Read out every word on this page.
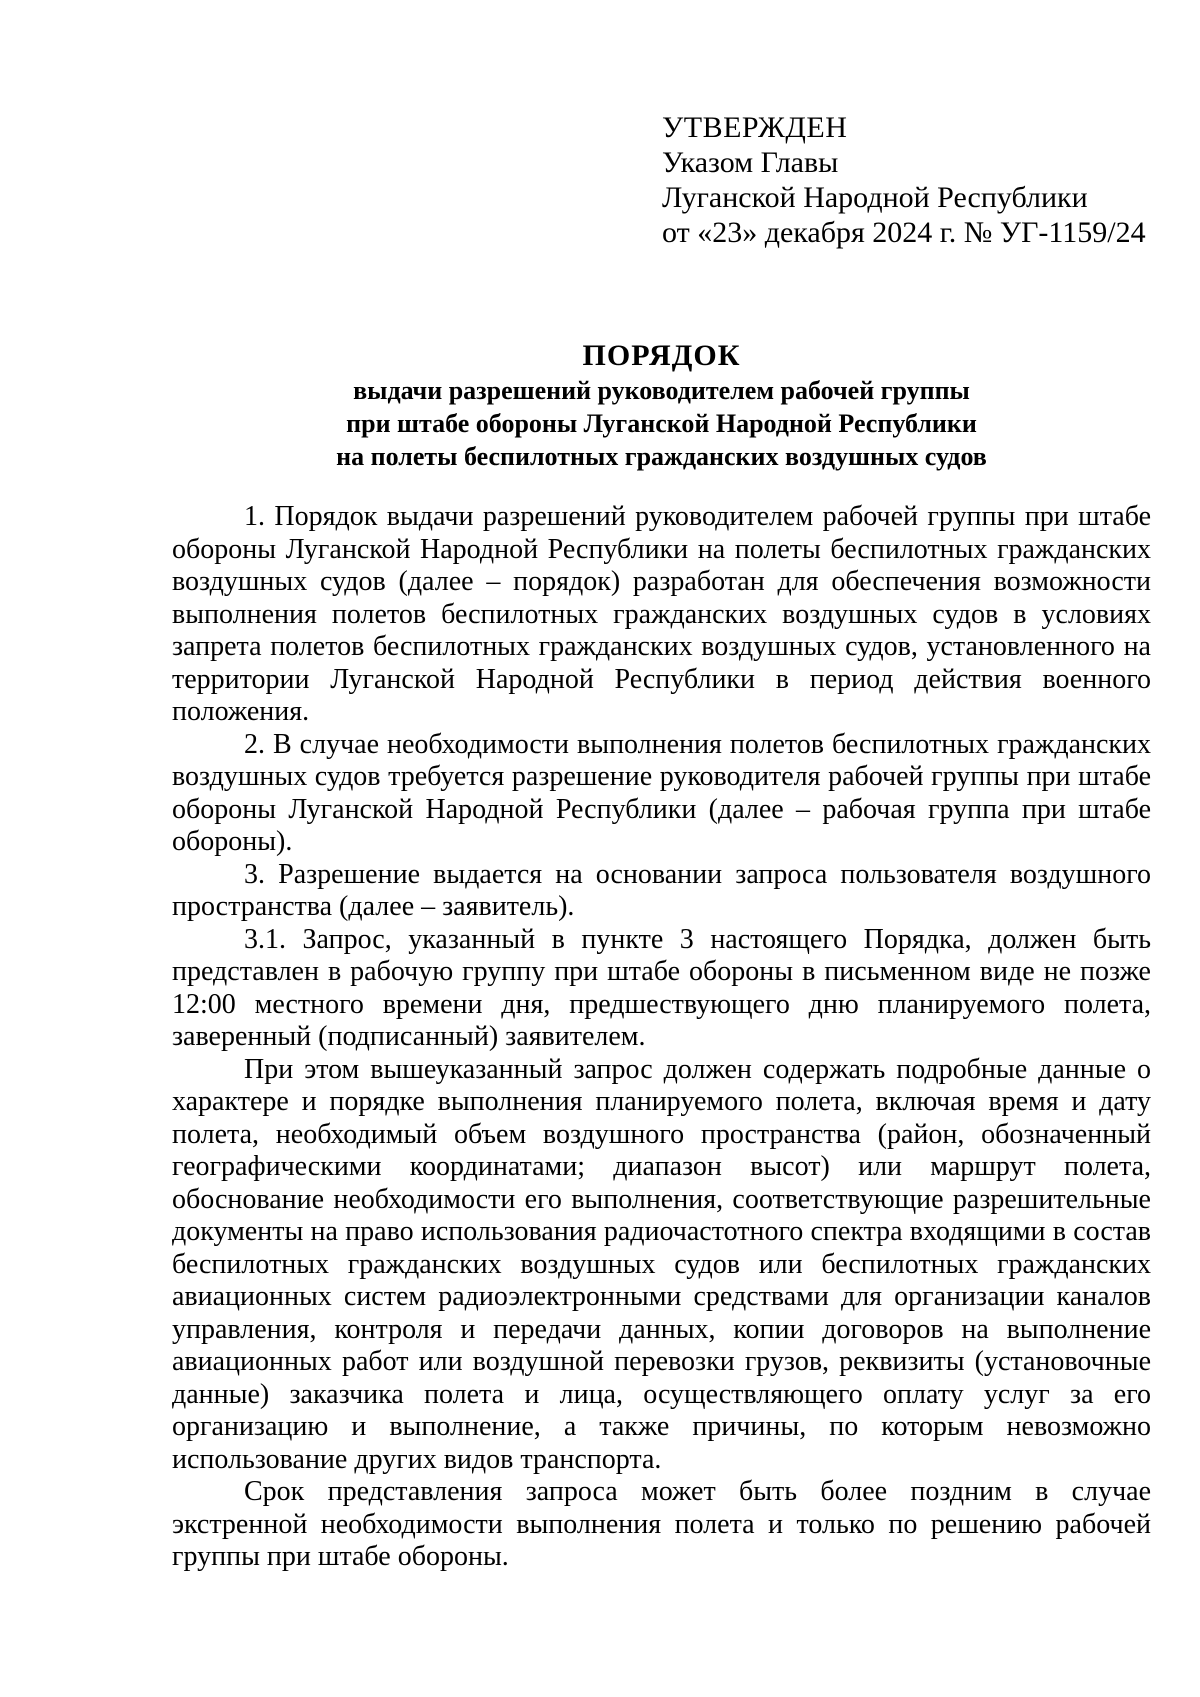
УТВЕРЖДЕН
Указом Главы
Луганской Народной Республики
от «23» декабря 2024 г. № УГ-1159/24
ПОРЯДОК
выдачи разрешений руководителем рабочей группы
при штабе обороны Луганской Народной Республики
на полеты беспилотных гражданских воздушных судов

1. Порядок выдачи разрешений руководителем рабочей группы при штабе обороны Луганской Народной Республики на полеты беспилотных гражданских воздушных судов (далее – порядок) разработан для обеспечения возможности выполнения полетов беспилотных гражданских воздушных судов в условиях запрета полетов беспилотных гражданских воздушных судов, установленного на территории Луганской Народной Республики в период действия военного положения.

2. В случае необходимости выполнения полетов беспилотных гражданских воздушных судов требуется разрешение руководителя рабочей группы при штабе обороны Луганской Народной Республики (далее – рабочая группа при штабе обороны).

3. Разрешение выдается на основании запроса пользователя воздушного пространства (далее – заявитель).

3.1. Запрос, указанный в пункте 3 настоящего Порядка, должен быть представлен в рабочую группу при штабе обороны в письменном виде не позже 12:00 местного времени дня, предшествующего дню планируемого полета, заверенный (подписанный) заявителем.

При этом вышеуказанный запрос должен содержать подробные данные о характере и порядке выполнения планируемого полета, включая время и дату полета, необходимый объем воздушного пространства (район, обозначенный географическими координатами; диапазон высот) или маршрут полета, обоснование необходимости его выполнения, соответствующие разрешительные документы на право использования радиочастотного спектра входящими в состав беспилотных гражданских воздушных судов или беспилотных гражданских авиационных систем радиоэлектронными средствами для организации каналов управления, контроля и передачи данных, копии договоров на выполнение авиационных работ или воздушной перевозки грузов, реквизиты (установочные данные) заказчика полета и лица, осуществляющего оплату услуг за его организацию и выполнение, а также причины, по которым невозможно использование других видов транспорта.

Срок представления запроса может быть более поздним в случае экстренной необходимости выполнения полета и только по решению рабочей группы при штабе обороны.
